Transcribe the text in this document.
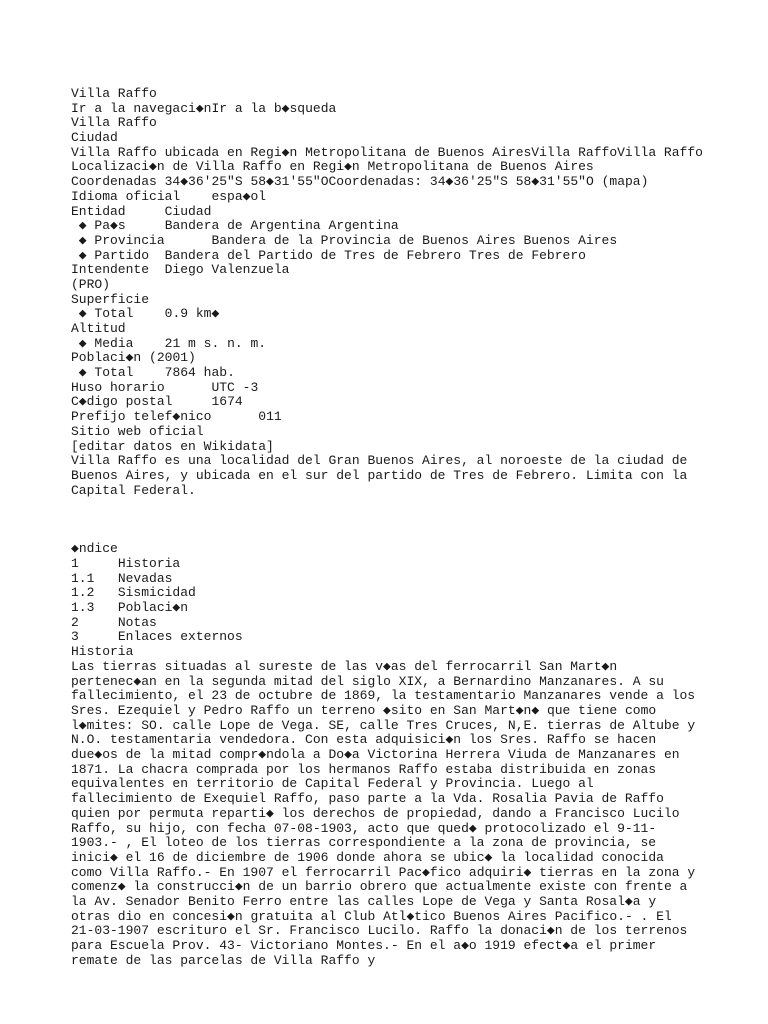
Villa Raffo
Ir a la navegaci◆nIr a la b◆squeda
Villa Raffo
Ciudad
Villa Raffo ubicada en Regi◆n Metropolitana de Buenos AiresVilla RaffoVilla Raffo
Localizaci◆n de Villa Raffo en Regi◆n Metropolitana de Buenos Aires
Coordenadas 34◆36′25″S 58◆31′55″OCoordenadas: 34◆36′25″S 58◆31′55″O (mapa)
Idioma oficial espa◆ol
Entidad	Ciudad
◆ Pa◆s	Bandera de Argentina Argentina
◆ Provincia	Bandera de la Provincia de Buenos Aires Buenos Aires
◆ Partido Bandera del Partido de Tres de Febrero Tres de Febrero
Intendente Diego Valenzuela
(PRO)
Superficie
◆ Total 0.9 km◆
Altitud
◆ Media 21 m s. n. m.
Poblaci◆n (2001)
◆ Total 7864 hab.
Huso horario	UTC -3
C◆digo postal	1674
Prefijo telef◆nico	011
Sitio web oficial
[editar datos en Wikidata]

Villa Raffo es una localidad del Gran Buenos Aires, al noroeste de la ciudad de Buenos Aires, y ubicada en el sur del partido de Tres de Febrero. Limita con la Capital Federal.

◆ndice
1	Historia
1.1 Nevadas
1.2 Sismicidad
1.3 Poblaci◆n
2	Notas
3	Enlaces externos
Historia

Las tierras situadas al sureste de las v◆as del ferrocarril San Mart◆n pertenec◆an en la segunda mitad del siglo XIX, a Bernardino Manzanares. A su fallecimiento, el 23 de octubre de 1869, la testamentario Manzanares vende a los Sres. Ezequiel y Pedro Raffo un terreno ◆sito en San Mart◆n◆ que tiene como l◆mites: SO. calle Lope de Vega. SE, calle Tres Cruces, N,E. tierras de Altube y N.O. testamentaria vendedora. Con esta adquisici◆n los Sres. Raffo se hacen due◆os de la mitad compr◆ndola a Do◆a Victorina Herrera Viuda de Manzanares en 1871. La chacra comprada por los hermanos Raffo estaba distribuida en zonas equivalentes en territorio de Capital Federal y Provincia. Luego al fallecimiento de Exequiel Raffo, paso parte a la Vda. Rosalia Pavia de Raffo quien por permuta reparti◆ los derechos de propiedad, dando a Francisco Lucilo Raffo, su hijo, con fecha 07-08-1903, acto que qued◆ protocolizado el 9-11-1903.- , El loteo de los tierras correspondiente a la zona de provincia, se inici◆ el 16 de diciembre de 1906 donde ahora se ubic◆ la localidad conocida como Villa Raffo.- En 1907 el ferrocarril Pac◆fico adquiri◆ tierras en la zona y comenz◆ la construcci◆n de un barrio obrero que actualmente existe con frente a la Av. Senador Benito Ferro entre las calles Lope de Vega y Santa Rosal◆a y otras dio en concesi◆n gratuita al Club Atl◆tico Buenos Aires Pacifico.- . El 21-03-1907 escrituro el Sr. Francisco Lucilo. Raffo la donaci◆n de los terrenos para Escuela Prov. 43- Victoriano Montes.- En el a◆o 1919 efect◆a el primer remate de las parcelas de Villa Raffo y
